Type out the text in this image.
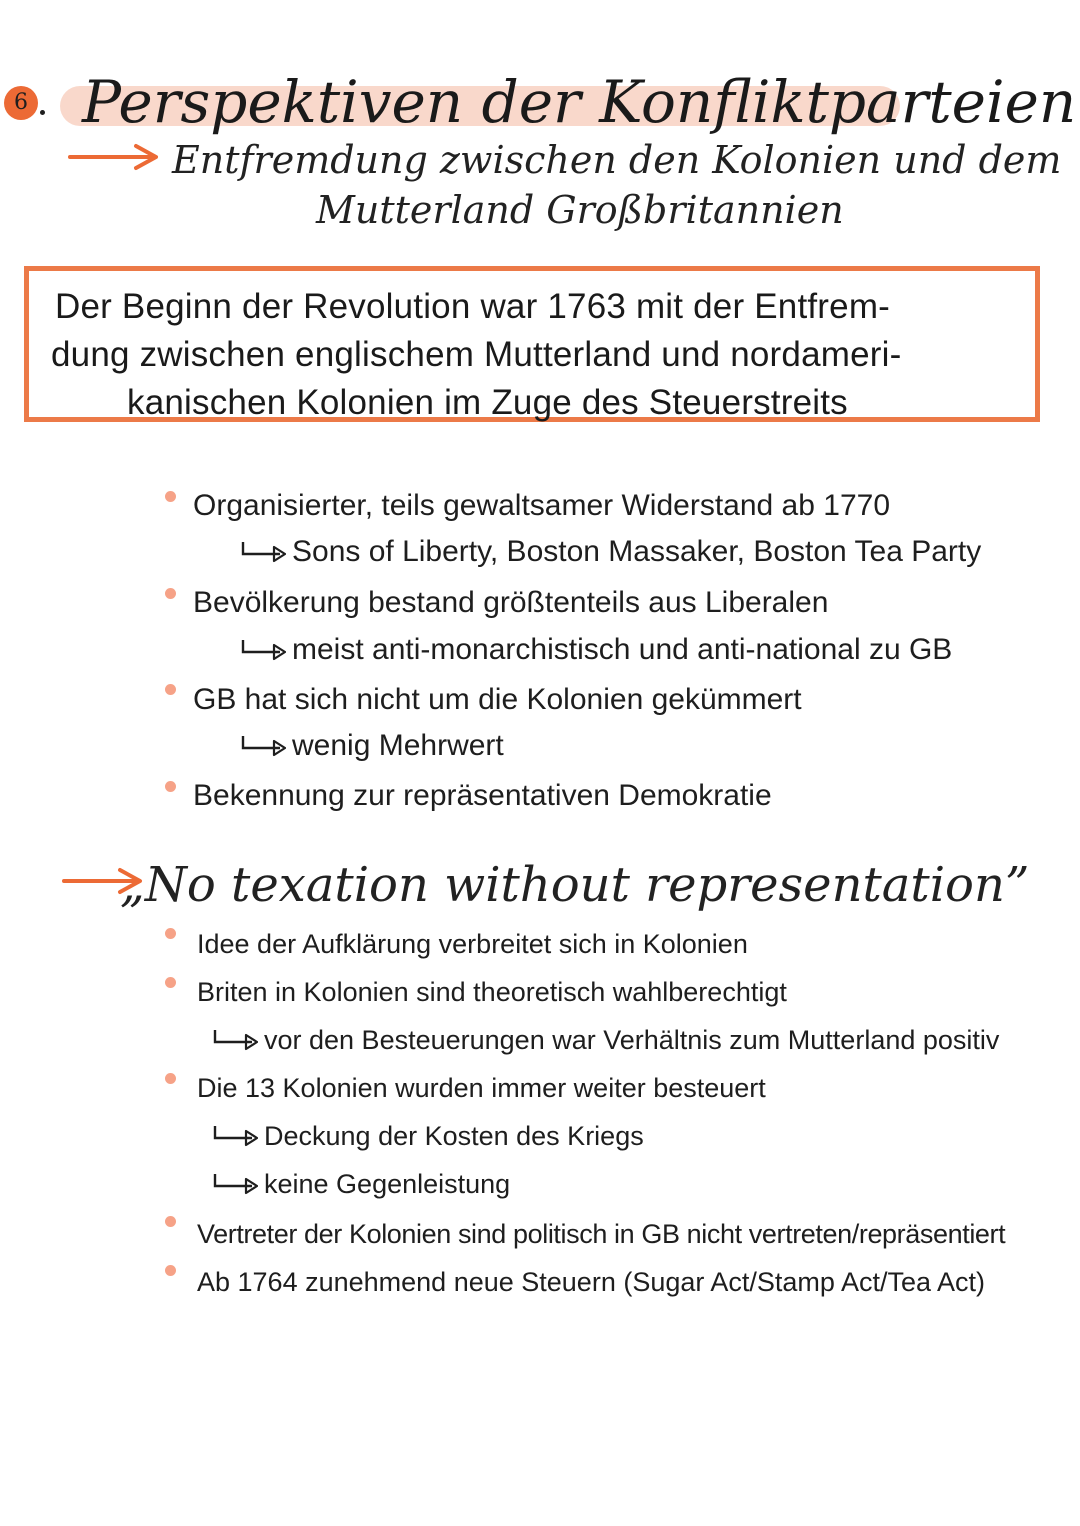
6 Perspektiven der Konfliktparteien
Entfremdung zwischen den Kolonien und dem
Mutterland Großbritannien
Der Beginn der Revolution war 1763 mit der Entfrem-
dung zwischen englischem Mutterland und nordameri-
kanischen Kolonien im Zuge des Steuerstreits
Organisierter, teils gewaltsamer Widerstand ab 1770
Sons of Liberty, Boston Massaker, Boston Tea Party
Bevölkerung bestand größtenteils aus Liberalen
meist anti-monarchistisch und anti-national zu GB
GB hat sich nicht um die Kolonien gekümmert
wenig Mehrwert
Bekennung zur repräsentativen Demokratie
„No texation without representation”
Idee der Aufklärung verbreitet sich in Kolonien
Briten in Kolonien sind theoretisch wahlberechtigt
vor den Besteuerungen war Verhältnis zum Mutterland positiv
Die 13 Kolonien wurden immer weiter besteuert
Deckung der Kosten des Kriegs
keine Gegenleistung
Vertreter der Kolonien sind politisch in GB nicht vertreten/repräsentiert
Ab 1764 zunehmend neue Steuern (Sugar Act/Stamp Act/Tea Act)
